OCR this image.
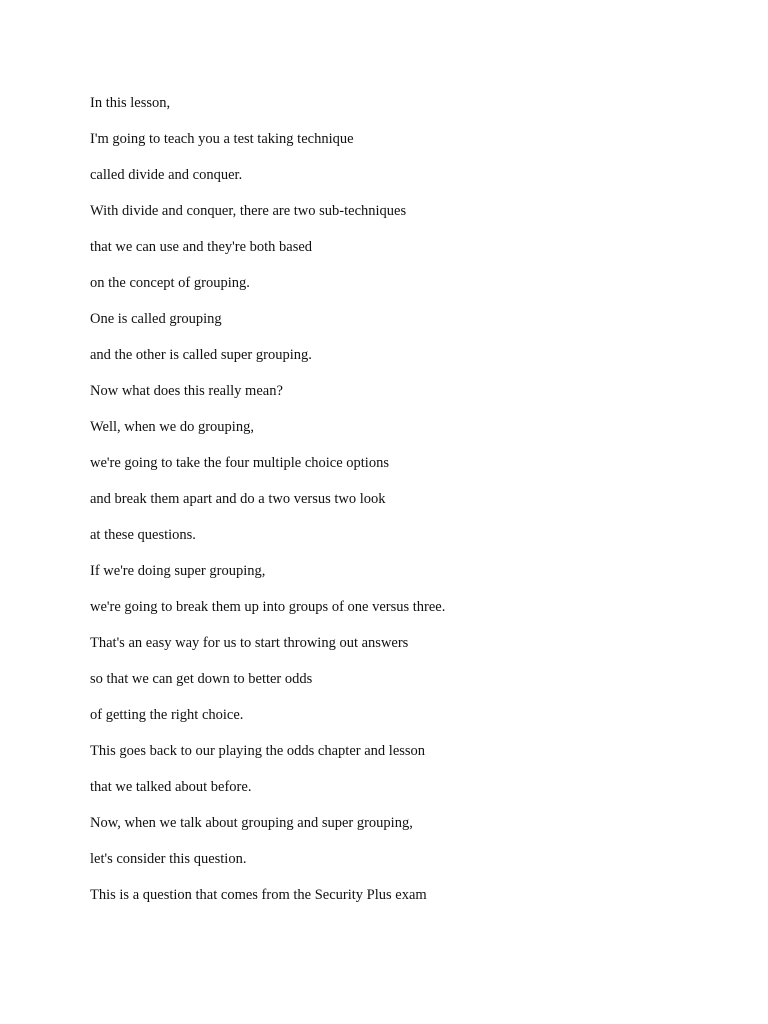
In this lesson,
I'm going to teach you a test taking technique
called divide and conquer.
With divide and conquer, there are two sub-techniques
that we can use and they're both based
on the concept of grouping.
One is called grouping
and the other is called super grouping.
Now what does this really mean?
Well, when we do grouping,
we're going to take the four multiple choice options
and break them apart and do a two versus two look
at these questions.
If we're doing super grouping,
we're going to break them up into groups of one versus three.
That's an easy way for us to start throwing out answers
so that we can get down to better odds
of getting the right choice.
This goes back to our playing the odds chapter and lesson
that we talked about before.
Now, when we talk about grouping and super grouping,
let's consider this question.
This is a question that comes from the Security Plus exam
